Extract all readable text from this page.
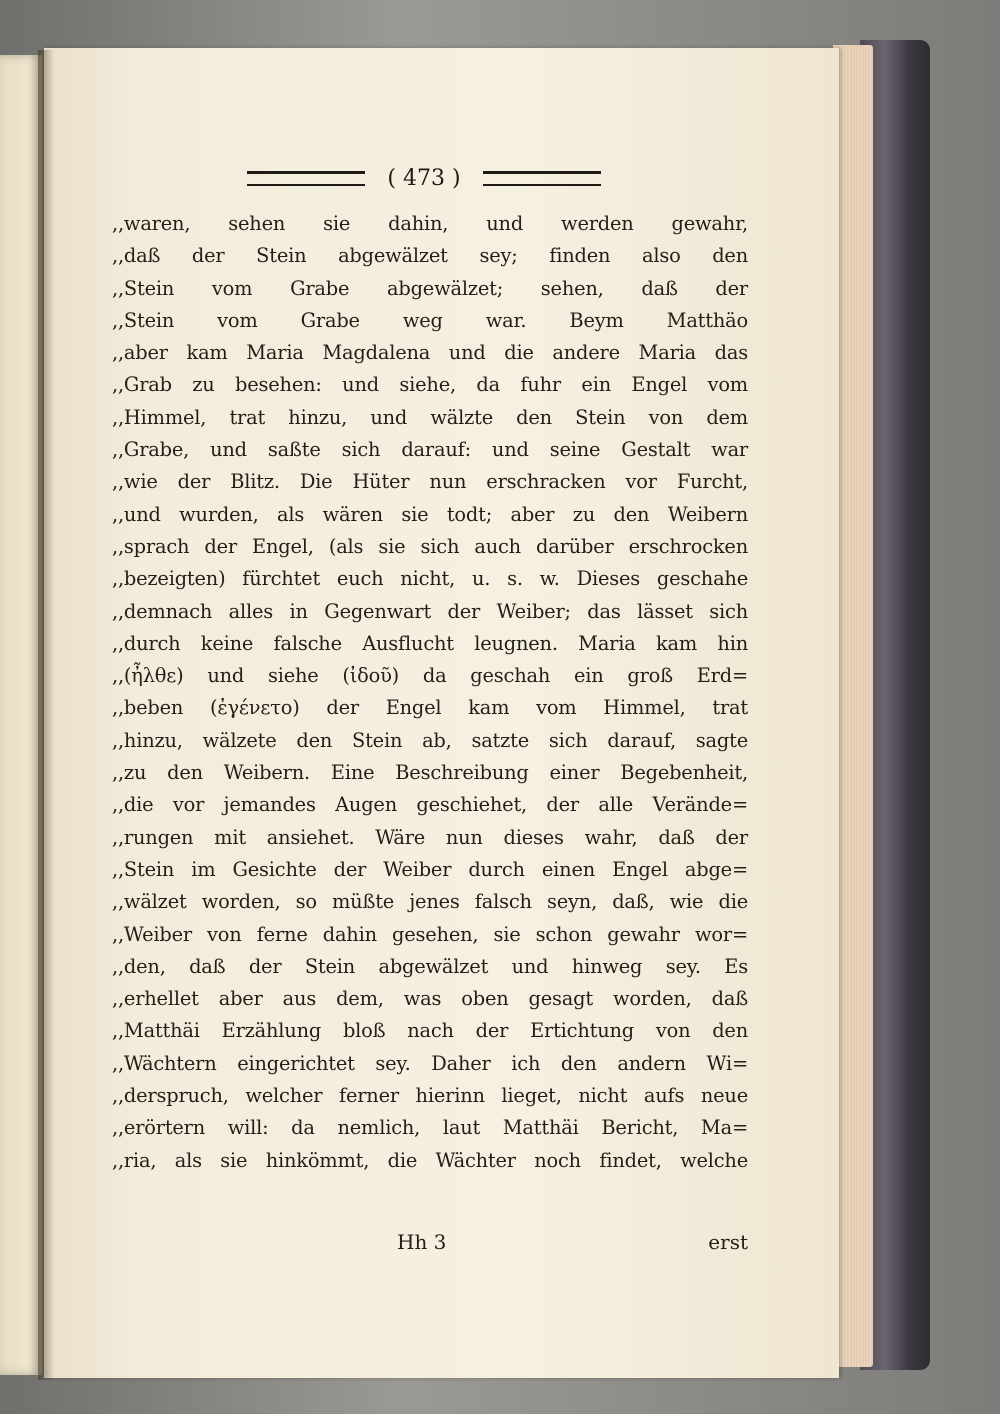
( 473 )
,,waren, sehen sie dahin, und werden gewahr,
,,daß der Stein abgewälzet sey; finden also den
,,Stein vom Grabe abgewälzet; sehen, daß der
,,Stein vom Grabe weg war. Beym Matthäo
,,aber kam Maria Magdalena und die andere Maria das
,,Grab zu besehen: und siehe, da fuhr ein Engel vom
,,Himmel, trat hinzu, und wälzte den Stein von dem
,,Grabe, und saßte sich darauf: und seine Gestalt war
,,wie der Blitz. Die Hüter nun erschracken vor Furcht,
,,und wurden, als wären sie todt; aber zu den Weibern
,,sprach der Engel, (als sie sich auch darüber erschrocken
,,bezeigten) fürchtet euch nicht, u. s. w. Dieses geschahe
,,demnach alles in Gegenwart der Weiber; das lässet sich
,,durch keine falsche Ausflucht leugnen. Maria kam hin
,,(ἦλθε) und siehe (ἰδοῦ) da geschah ein groß Erd=
,,beben (ἐγένετο) der Engel kam vom Himmel, trat
,,hinzu, wälzete den Stein ab, satzte sich darauf, sagte
,,zu den Weibern. Eine Beschreibung einer Begebenheit,
,,die vor jemandes Augen geschiehet, der alle Verände=
,,rungen mit ansiehet. Wäre nun dieses wahr, daß der
,,Stein im Gesichte der Weiber durch einen Engel abge=
,,wälzet worden, so müßte jenes falsch seyn, daß, wie die
,,Weiber von ferne dahin gesehen, sie schon gewahr wor=
,,den, daß der Stein abgewälzet und hinweg sey. Es
,,erhellet aber aus dem, was oben gesagt worden, daß
,,Matthäi Erzählung bloß nach der Ertichtung von den
,,Wächtern eingerichtet sey. Daher ich den andern Wi=
,,derspruch, welcher ferner hierinn lieget, nicht aufs neue
,,erörtern will: da nemlich, laut Matthäi Bericht, Ma=
,,ria, als sie hinkömmt, die Wächter noch findet, welche
Hh 3	erst
